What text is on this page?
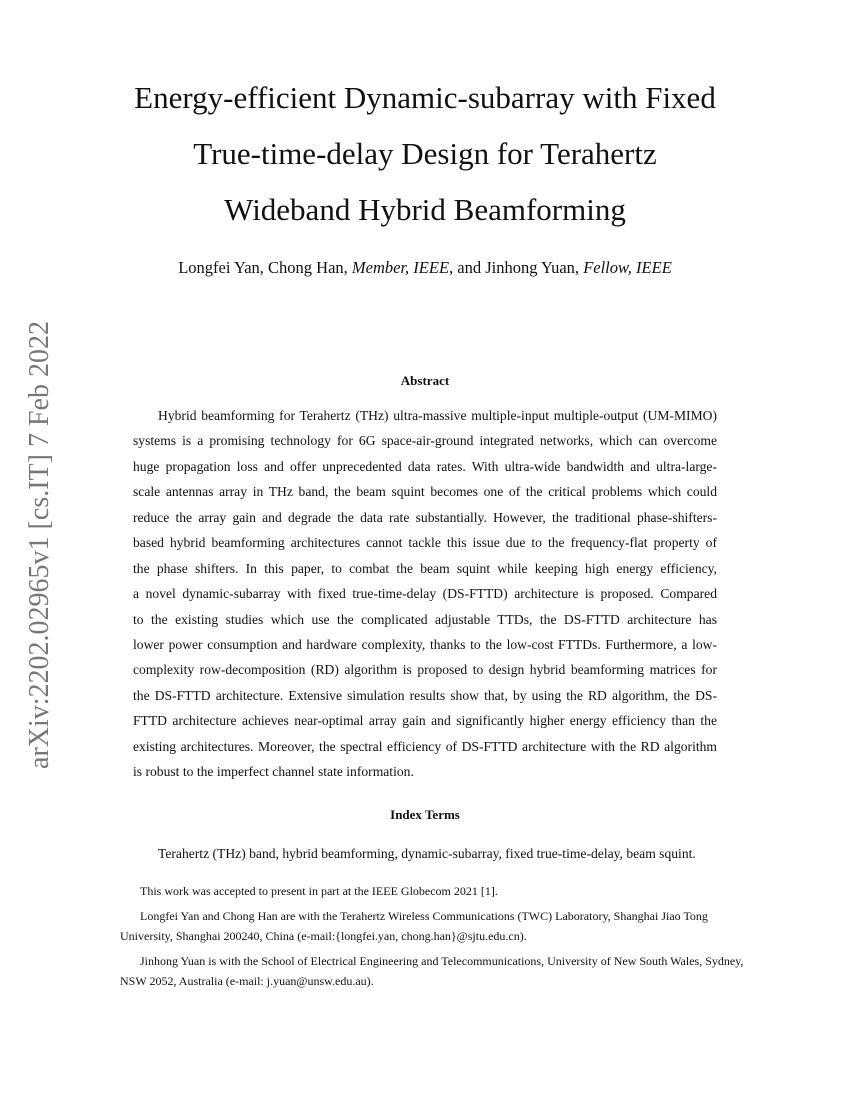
arXiv:2202.02965v1 [cs.IT] 7 Feb 2022
Energy-efficient Dynamic-subarray with Fixed
True-time-delay Design for Terahertz
Wideband Hybrid Beamforming
Longfei Yan, Chong Han, Member, IEEE, and Jinhong Yuan, Fellow, IEEE
Abstract
Hybrid beamforming for Terahertz (THz) ultra-massive multiple-input multiple-output (UM-MIMO)
systems is a promising technology for 6G space-air-ground integrated networks, which can overcome
huge propagation loss and offer unprecedented data rates. With ultra-wide bandwidth and ultra-large-
scale antennas array in THz band, the beam squint becomes one of the critical problems which could
reduce the array gain and degrade the data rate substantially. However, the traditional phase-shifters-
based hybrid beamforming architectures cannot tackle this issue due to the frequency-flat property of
the phase shifters. In this paper, to combat the beam squint while keeping high energy efficiency,
a novel dynamic-subarray with fixed true-time-delay (DS-FTTD) architecture is proposed. Compared
to the existing studies which use the complicated adjustable TTDs, the DS-FTTD architecture has
lower power consumption and hardware complexity, thanks to the low-cost FTTDs. Furthermore, a low-
complexity row-decomposition (RD) algorithm is proposed to design hybrid beamforming matrices for
the DS-FTTD architecture. Extensive simulation results show that, by using the RD algorithm, the DS-
FTTD architecture achieves near-optimal array gain and significantly higher energy efficiency than the
existing architectures. Moreover, the spectral efficiency of DS-FTTD architecture with the RD algorithm
is robust to the imperfect channel state information.
Index Terms
Terahertz (THz) band, hybrid beamforming, dynamic-subarray, fixed true-time-delay, beam squint.
This work was accepted to present in part at the IEEE Globecom 2021 [1].
Longfei Yan and Chong Han are with the Terahertz Wireless Communications (TWC) Laboratory, Shanghai Jiao Tong
University, Shanghai 200240, China (e-mail:{longfei.yan, chong.han}@sjtu.edu.cn).
Jinhong Yuan is with the School of Electrical Engineering and Telecommunications, University of New South Wales, Sydney,
NSW 2052, Australia (e-mail: j.yuan@unsw.edu.au).
